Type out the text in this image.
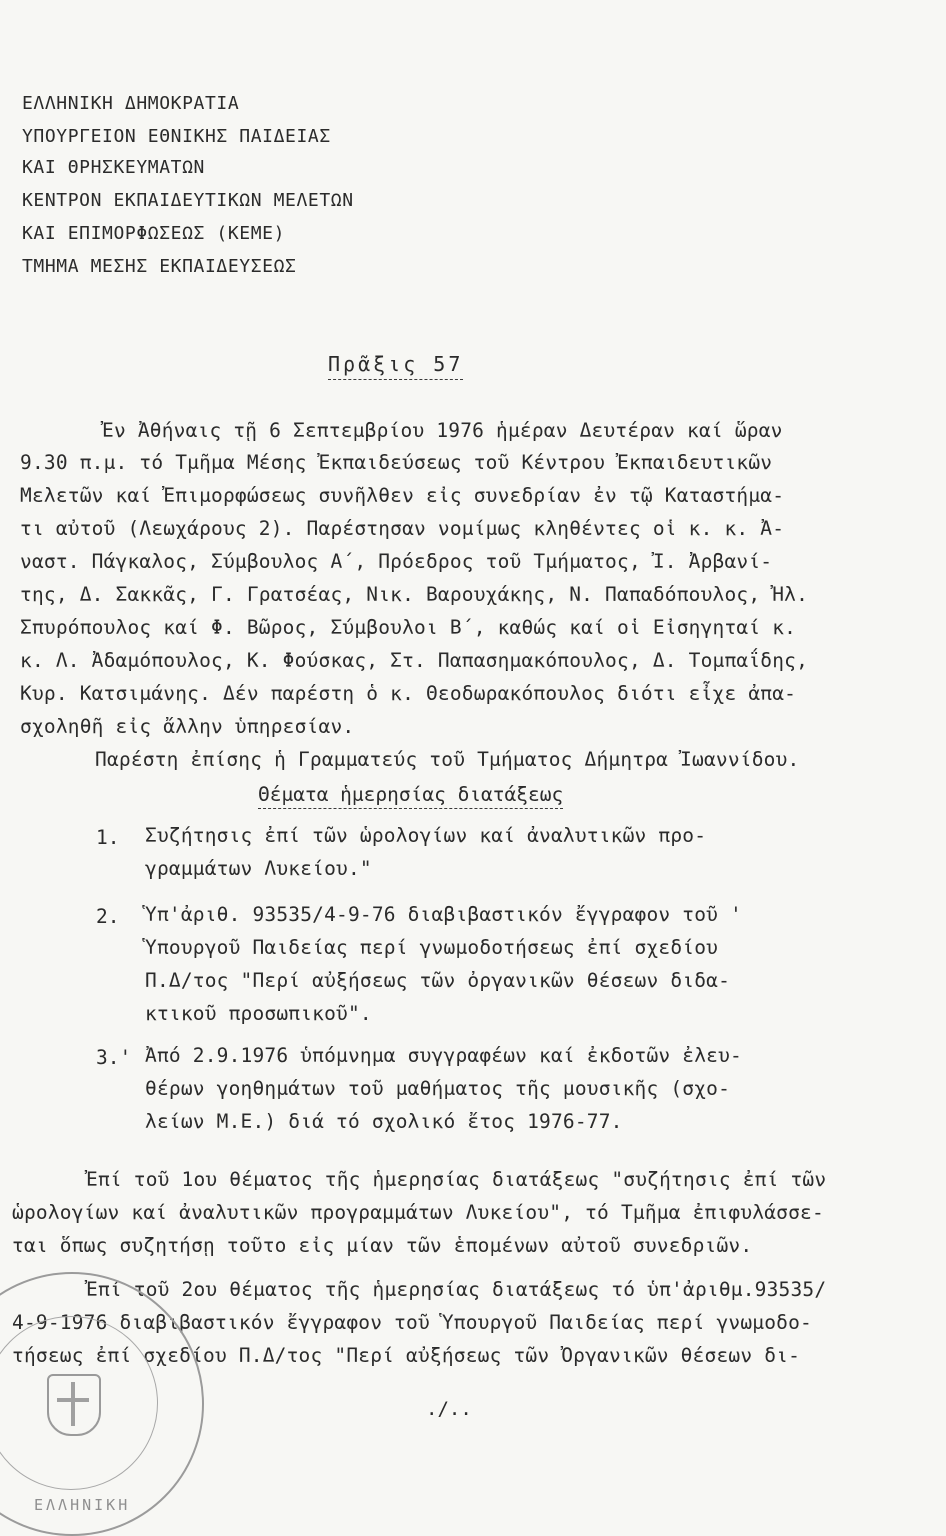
ΕΛΛΗΝΙΚΗ ΔΗΜΟΚΡΑΤΙΑ
ΥΠΟΥΡΓΕΙΟΝ ΕΘΝΙΚΗΣ ΠΑΙΔΕΙΑΣ
ΚΑΙ ΘΡΗΣΚΕΥΜΑΤΩΝ
ΚΕΝΤΡΟΝ ΕΚΠΑΙΔΕΥΤΙΚΩΝ ΜΕΛΕΤΩΝ
ΚΑΙ ΕΠΙΜΟΡΦΩΣΕΩΣ (ΚΕΜΕ)
ΤΜΗΜΑ ΜΕΣΗΣ ΕΚΠΑΙΔΕΥΣΕΩΣ
Πρᾶξις 57
Ἐν Ἀθήναις τῇ 6 Σεπτεμβρίου 1976 ἡμέραν Δευτέραν καί ὥραν
9.30 π.μ. τό Τμῆμα Μέσης Ἐκπαιδεύσεως τοῦ Κέντρου Ἐκπαιδευτικῶν
Μελετῶν καί Ἐπιμορφώσεως συνῆλθεν εἰς συνεδρίαν ἐν τῷ Καταστήμα-
τι αὐτοῦ (Λεωχάρους 2). Παρέστησαν νομίμως κληθέντες οἱ κ. κ. Ἀ-
ναστ. Πάγκαλος, Σύμβουλος Α΄, Πρόεδρος τοῦ Τμήματος, Ἰ. Ἀρβανί-
της, Δ. Σακκᾶς, Γ. Γρατσέας, Νικ. Βαρουχάκης, Ν. Παπαδόπουλος, Ἠλ.
Σπυρόπουλος καί Φ. Βῶρος, Σύμβουλοι Β΄, καθώς καί οἱ Εἰσηγηταί κ.
κ. Λ. Ἀδαμόπουλος, Κ. Φούσκας, Στ. Παπασημακόπουλος, Δ. Τομπαΐδης,
Κυρ. Κατσιμάνης. Δέν παρέστη ὁ κ. Θεοδωρακόπουλος διότι εἶχε ἀπα-
σχοληθῆ εἰς ἄλλην ὑπηρεσίαν.
Παρέστη ἐπίσης ἡ Γραμματεύς τοῦ Τμήματος Δήμητρα Ἰωαννίδου.
Θέματα ἡμερησίας διατάξεως
1. Συζήτησις ἐπί τῶν ὡρολογίων καί ἀναλυτικῶν προ-
γραμμάτων Λυκείου."
2. Ὑπ'ἀριθ. 93535/4-9-76 διαβιβαστικόν ἔγγραφον τοῦ '
Ὑπουργοῦ Παιδείας περί γνωμοδοτήσεως ἐπί σχεδίου
Π.Δ/τος "Περί αὐξήσεως τῶν ὀργανικῶν θέσεων διδα-
κτικοῦ προσωπικοῦ".
3.' Ἀπό 2.9.1976 ὑπόμνημα συγγραφέων καί ἐκδοτῶν ἐλευ-
θέρων γοηθημάτων τοῦ μαθήματος τῆς μουσικῆς (σχο-
λείων Μ.Ε.) διά τό σχολικό ἔτος 1976-77.
Ἐπί τοῦ 1ου θέματος τῆς ἡμερησίας διατάξεως "συζήτησις ἐπί τῶν
ὡρολογίων καί ἀναλυτικῶν προγραμμάτων Λυκείου", τό Τμῆμα ἐπιφυλάσσε-
ται ὅπως συζητήσῃ τοῦτο εἰς μίαν τῶν ἑπομένων αὐτοῦ συνεδριῶν.
Ἐπί τοῦ 2ου θέματος τῆς ἡμερησίας διατάξεως τό ὑπ'ἀριθμ.93535/
4-9-1976 διαβιβαστικόν ἔγγραφον τοῦ Ὑπουργοῦ Παιδείας περί γνωμοδο-
τήσεως ἐπί σχεδίου Π.Δ/τος "Περί αὐξήσεως τῶν Ὀργανικῶν θέσεων δι-
./..
ΕΛΛΗΝΙΚΗ
